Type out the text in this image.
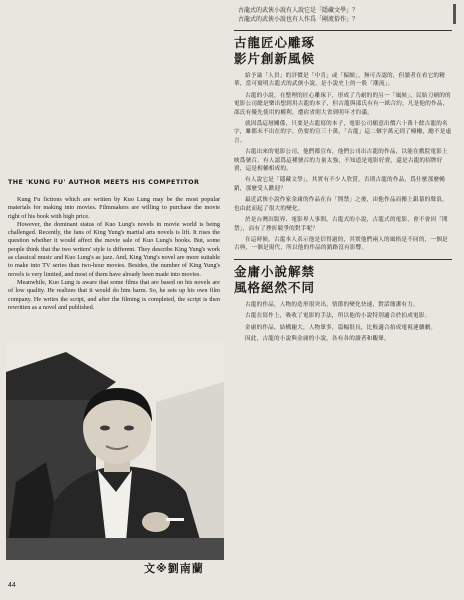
THE 'KUNG FU' AUTHOR MEETS HIS COMPETITOR

Kung Fu fictions which are written by Kuo Lung may be the most popular materials for making into movies. Filmmakers are willing to purchase the movie right of his book with high price.

However, the dominant status of Kuo Lung's novels in movie world is being challenged. Recently, the fans of King Yung's martial arts novels is lift. It rises the question whether it would affect the movie sale of Kuo Lung's books. But, some people think that the two writers' style is different. They describe King Yung's work as classical music and Kuo Lung's as jazz. And, King Yung's novel are more suitable to make into TV series than two-hour movies. Besides, the number of King Yung's novels is very limited, and most of them have already been made into movies.

Meanwhile, Kuo Lung is aware that some films that are based on his novels are of low quality. He realizes that it would do him harm. So, he sets up his own film company. He writes the script, and after the filming is completed, the script is then rewritten as a novel and published.

文※劉南蘭
44
古龍式的武俠小說有人說它是「隱藏文學」？
古龍式的武俠小說也有人作爲「剛流俗作」？
古龍匠心雕琢
影片創新風候

給予論「人員」的評價是「中肯」或「偏頗」，無可否認的，但讀者在看它的精華，當可窺明古龍式的武俠小說，是小說史上的一股「潮流」。

古龍的小說，在整理的匠心雕琢下，形成了乃耐的的另一「風候」，民始刀劍的的電影公司總是樂出想到用古龍的本子，但古龍與邵氏有有一紙合約，凡是他的作品，邵氏有優先使用的權利，遭宿省則大省到明年才約滿。

就因爲這層關係，只要是古龍寫的本子，電影公司願意出價六十萬十餘古龍的名字，雖都未不出在的字，仍要的宣三十萬，「古龍」這二個字萬元到了檯柵，總不是虛言。

古龍出來的電影公司，他們都宣布，他們公司出古龍的作品，以能在戲院電影上映爲號召。有人認爲這種號召的力量太強，不知道是電影好賣，還是古龍的招牌好賣，這是相輔相成的。

有人說它是「隱藏文學」，其實有不少人欣賞，否則古龍的作品，爲什麼那麼暢銷，那麼受人歡迎？

最近武俠小說作家金庸的作品在台「開禁」之後，由他作品而搬上銀幕的聲浪，也由此而起了很大的變化。

於是台灣出版界、電影界人事間，古龍式的小說，古龍式的電影，會不會因「開禁」，而有了挫折競爭的對手呢？

在這時候，古龍本人表示他是信得過的，其實他們兩人的風格是不同的，一個是古典，一個是現代，所以他的作品的銷路沒有影響。

金庸小說解禁
風格絕然不同

古龍的作品，人物的造形很突出，情節的變化快速，對話簡潔有力。

古龍在寫作上，吸收了電影的手法，所以他的小說特別適合於拍成電影。

金庸的作品，結構龐大，人物眾多，篇幅很長，比較適合拍成電視連續劇。

因此，古龍的小說與金庸的小說，各有各的讀者和觀眾。
